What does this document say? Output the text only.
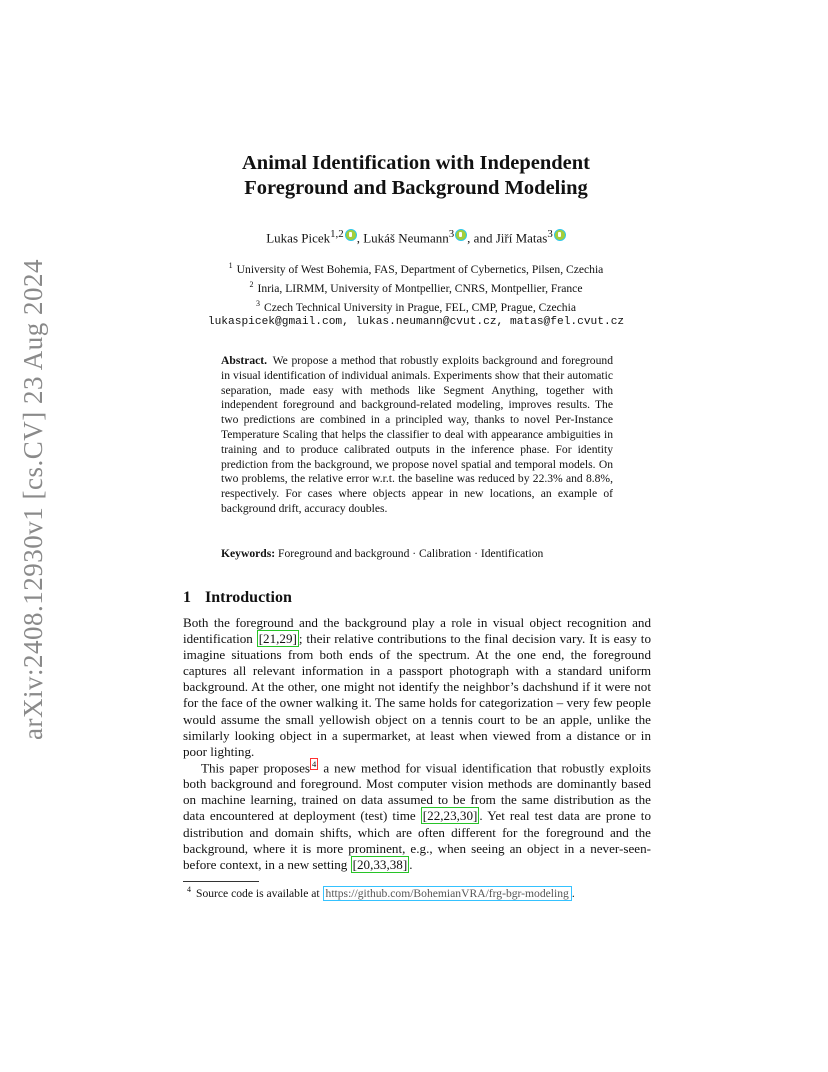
arXiv:2408.12930v1 [cs.CV] 23 Aug 2024
Animal Identification with Independent
Foreground and Background Modeling
Lukas Picek$^{1,2}$ , Lukáš Neumann$^3$ , and Jiří Matas$^3$
$^1$ University of West Bohemia, FAS, Department of Cybernetics, Pilsen, Czechia
$^2$ Inria, LIRMM, University of Montpellier, CNRS, Montpellier, France
$^3$ Czech Technical University in Prague, FEL, CMP, Prague, Czechia
lukaspicek@gmail.com, lukas.neumann@cvut.cz, matas@fel.cvut.cz
Abstract. We propose a method that robustly exploits background and foreground in visual identification of individual animals. Experiments show that their automatic separation, made easy with methods like Segment Anything, together with independent foreground and background-related modeling, improves results. The two predictions are combined in a principled way, thanks to novel Per-Instance Temperature Scaling that helps the classifier to deal with appearance ambiguities in training and to produce calibrated outputs in the inference phase. For identity prediction from the background, we propose novel spatial and temporal models. On two problems, the relative error w.r.t. the baseline was reduced by 22.3% and 8.8%, respectively. For cases where objects appear in new locations, an example of background drift, accuracy doubles.
Keywords: Foreground and background · Calibration · Identification
1 Introduction

Both the foreground and the background play a role in visual object recognition and identification [21,29] ; their relative contributions to the final decision vary. It is easy to imagine situations from both ends of the spectrum. At the one end, the foreground captures all relevant information in a passport photograph with a standard uniform background. At the other, one might not identify the neighbor’s dachshund if it were not for the face of the owner walking it. The same holds for categorization – very few people would assume the small yellowish object on a tennis court to be an apple, unlike the similarly looking object in a supermarket, at least when viewed from a distance or in poor lighting.

This paper proposes $^4$ a new method for visual identification that robustly exploits both background and foreground. Most computer vision methods are dominantly based on machine learning, trained on data assumed to be from the same distribution as the data encountered at deployment (test) time [22,23,30] . Yet real test data are prone to distribution and domain shifts, which are often different for the foreground and the background, where it is more prominent, e.g., when seeing an object in a never-seen-before context, in a new setting [20,33,38] .

$^4$ Source code is available at https://github.com/BohemianVRA/frg-bgr-modeling .
